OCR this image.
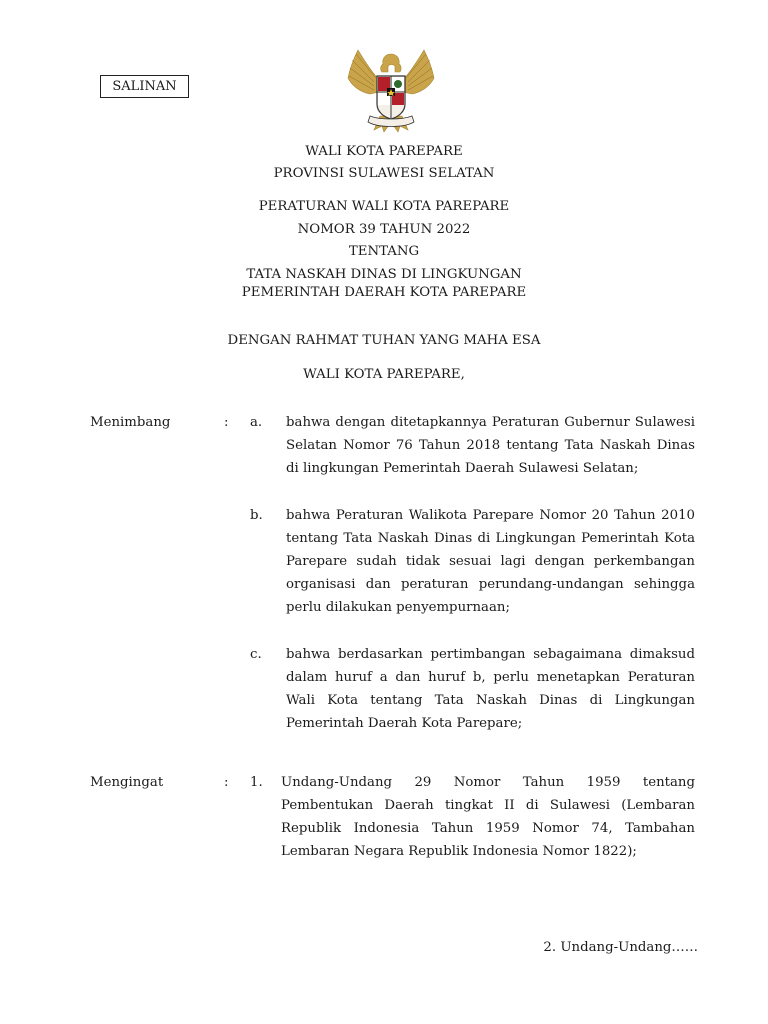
SALINAN
WALI KOTA PAREPARE
PROVINSI SULAWESI SELATAN
PERATURAN WALI KOTA PAREPARE
NOMOR 39 TAHUN 2022
TENTANG
TATA NASKAH DINAS DI LINGKUNGAN
PEMERINTAH DAERAH KOTA PAREPARE
DENGAN RAHMAT TUHAN YANG MAHA ESA
WALI KOTA PAREPARE,
Menimbang	: a. bahwa dengan ditetapkannya Peraturan Gubernur Sulawesi Selatan Nomor 76 Tahun 2018 tentang Tata Naskah Dinas di lingkungan Pemerintah Daerah Sulawesi Selatan;
b. bahwa Peraturan Walikota Parepare Nomor 20 Tahun 2010 tentang Tata Naskah Dinas di Lingkungan Pemerintah Kota Parepare sudah tidak sesuai lagi dengan perkembangan organisasi dan peraturan perundang-undangan sehingga perlu dilakukan penyempurnaan;
c. bahwa berdasarkan pertimbangan sebagaimana dimaksud dalam huruf a dan huruf b, perlu menetapkan Peraturan Wali Kota tentang Tata Naskah Dinas di Lingkungan Pemerintah Daerah Kota Parepare;
Mengingat	: 1. Undang-Undang 29 Nomor Tahun 1959 tentang Pembentukan Daerah tingkat II di Sulawesi (Lembaran Republik Indonesia Tahun 1959 Nomor 74, Tambahan Lembaran Negara Republik Indonesia Nomor 1822);
2. Undang-Undang……
